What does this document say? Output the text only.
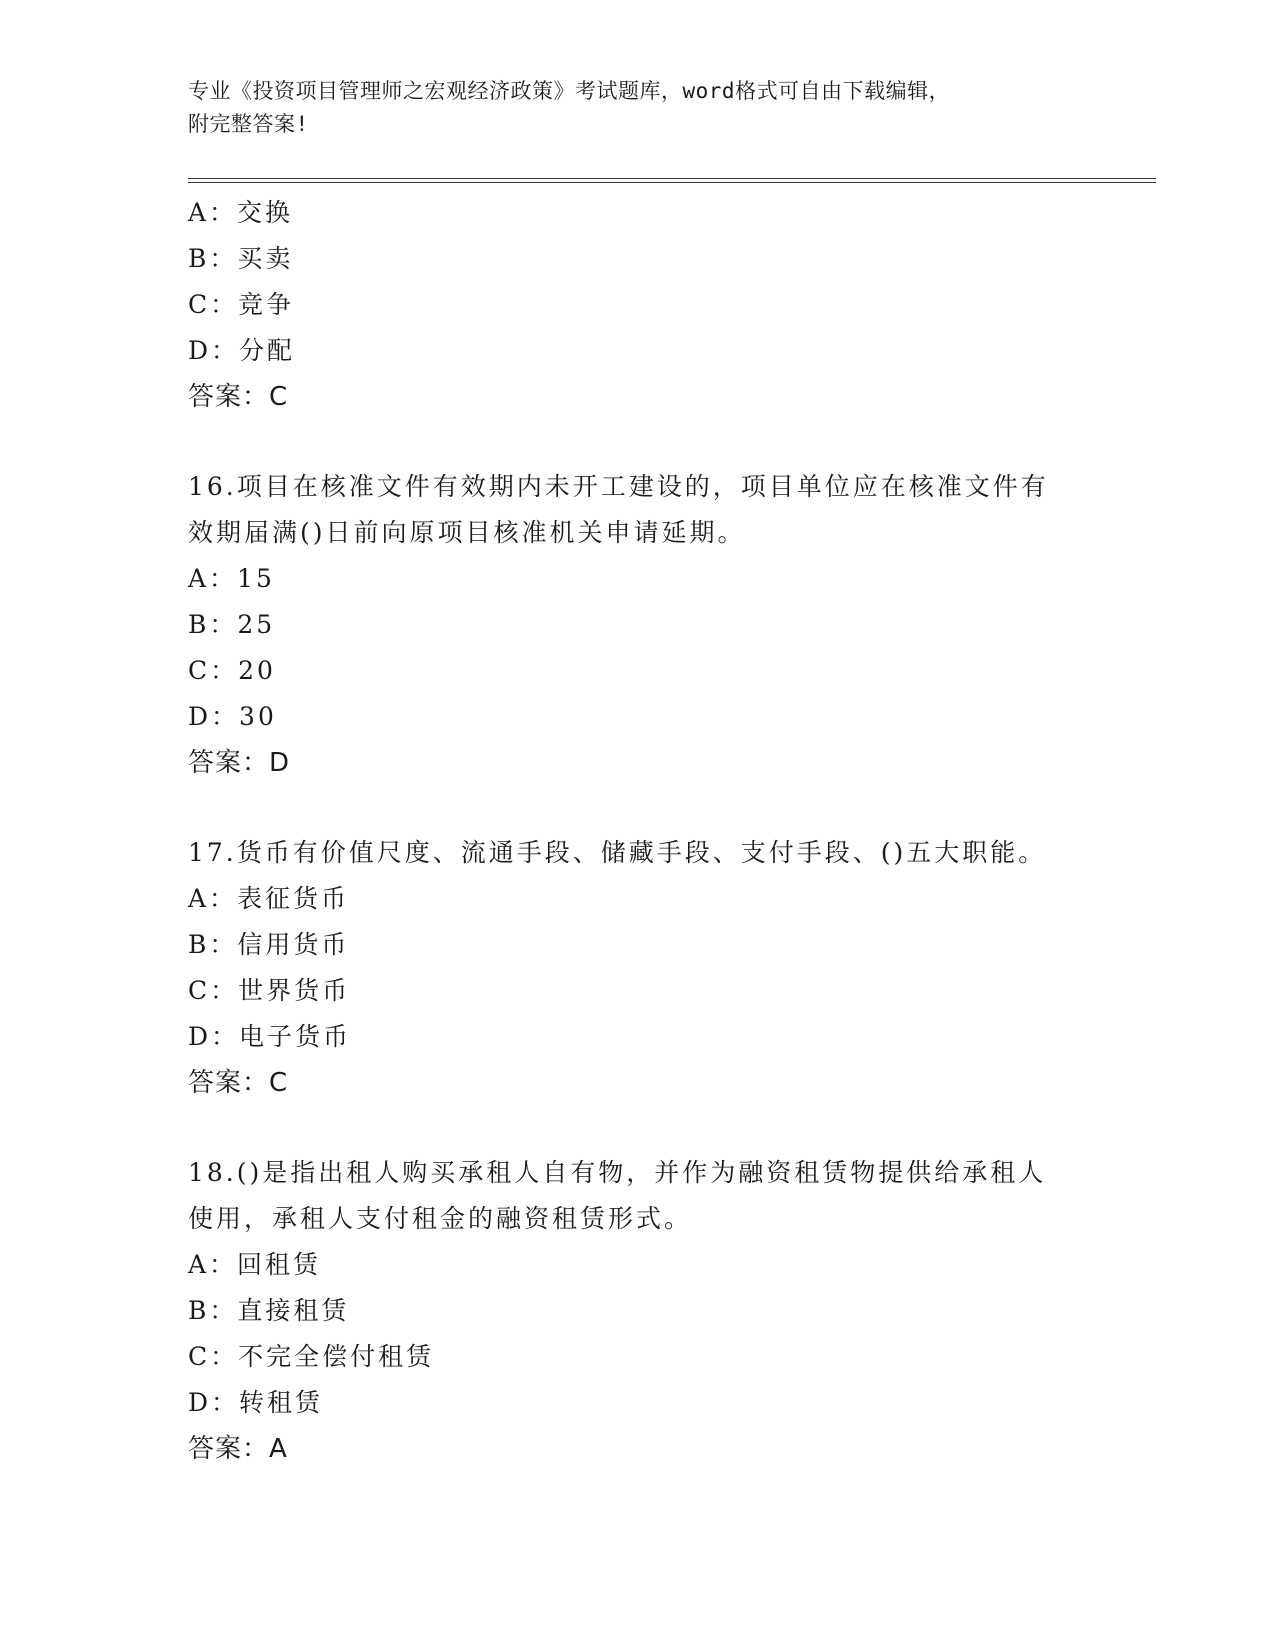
专业《投资项目管理师之宏观经济政策》考试题库，word格式可自由下载编辑，
附完整答案!
A：交换
B：买卖
C：竞争
D：分配
答案：C
16.项目在核准文件有效期内未开工建设的，项目单位应在核准文件有
效期届满()日前向原项目核准机关申请延期。
A：15
B：25
C：20
D：30
答案：D
17.货币有价值尺度、流通手段、储藏手段、支付手段、()五大职能。
A：表征货币
B：信用货币
C：世界货币
D：电子货币
答案：C
18.()是指出租人购买承租人自有物，并作为融资租赁物提供给承租人
使用，承租人支付租金的融资租赁形式。
A：回租赁
B：直接租赁
C：不完全偿付租赁
D：转租赁
答案：A
